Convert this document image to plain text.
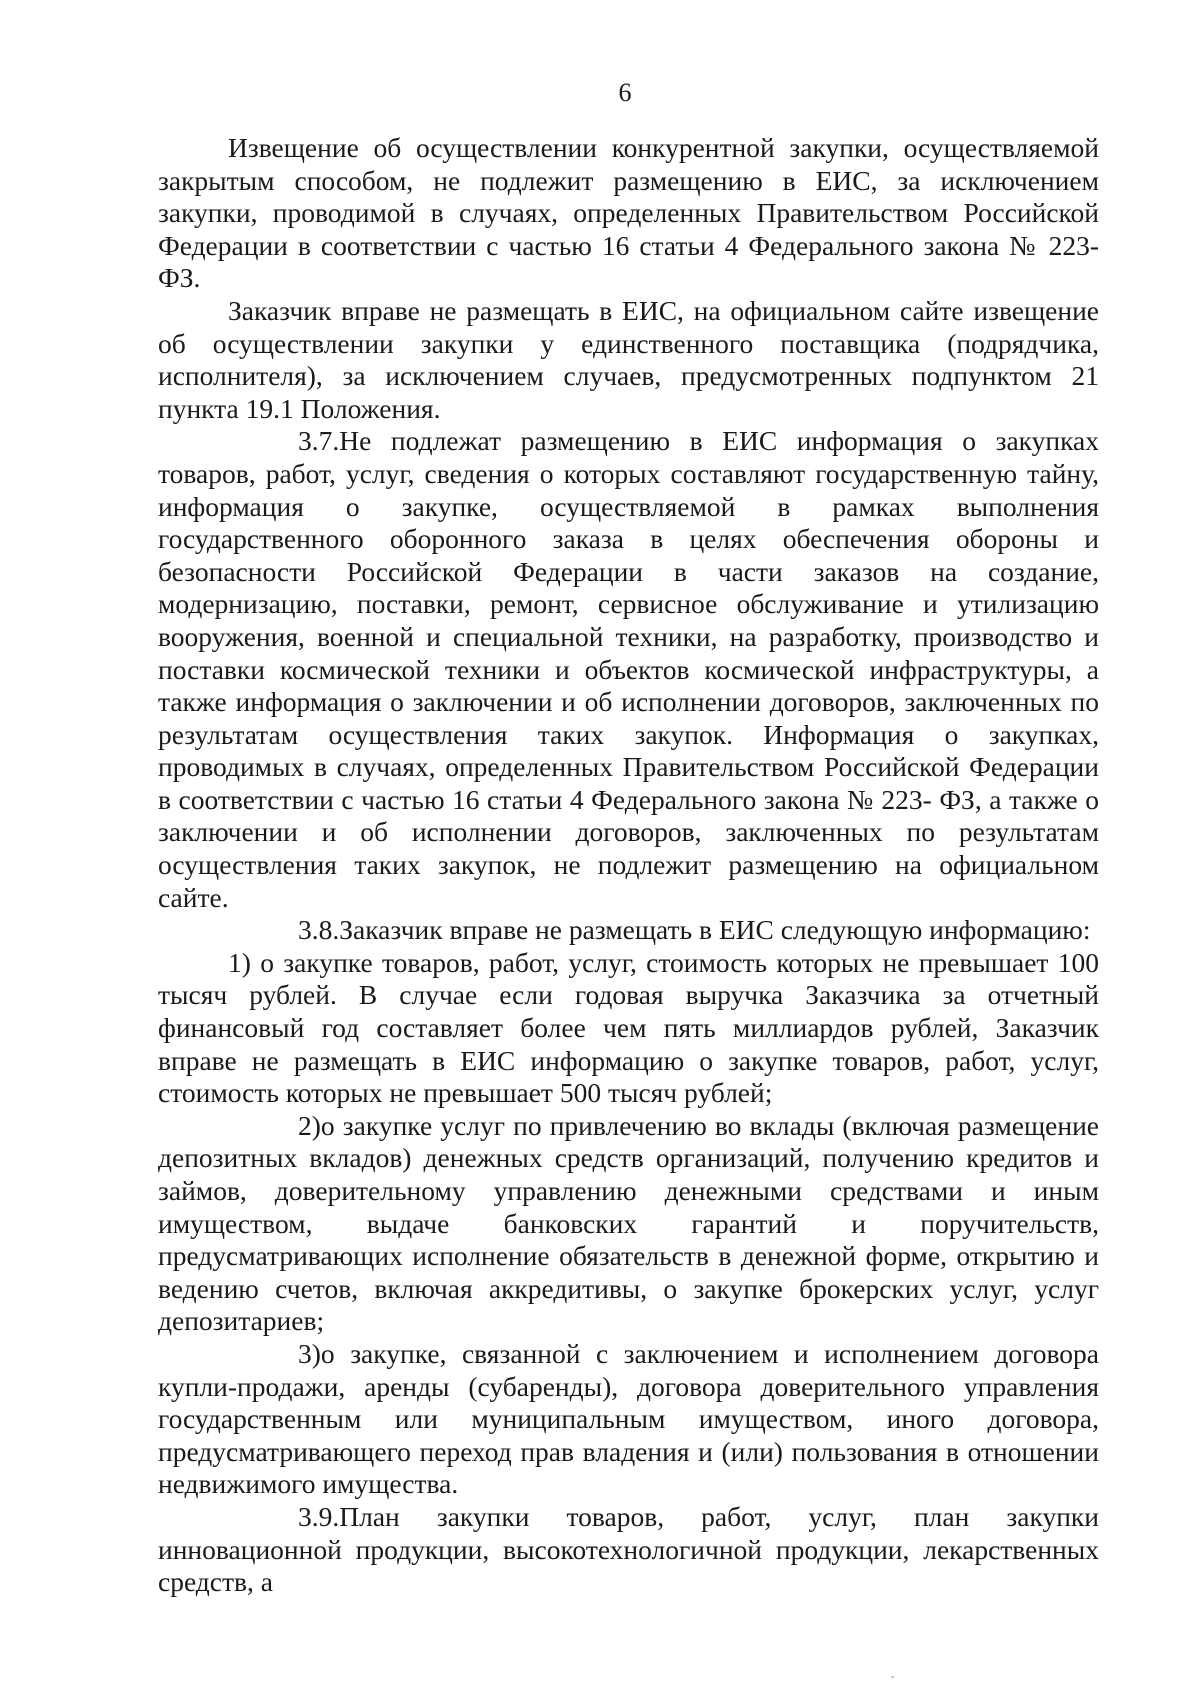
6

Извещение об осуществлении конкурентной закупки, осуществляемой закрытым способом, не подлежит размещению в ЕИС, за исключением закупки, проводимой в случаях, определенных Правительством Российской Федерации в соответствии с частью 16 статьи 4 Федерального закона № 223- ФЗ.

Заказчик вправе не размещать в ЕИС, на официальном сайте извещение об осуществлении закупки у единственного поставщика (подрядчика, исполнителя), за исключением случаев, предусмотренных подпунктом 21 пункта 19.1 Положения.

3.7.Не подлежат размещению в ЕИС информация о закупках товаров, работ, услуг, сведения о которых составляют государственную тайну, информация о закупке, осуществляемой в рамках выполнения государственного оборонного заказа в целях обеспечения обороны и безопасности Российской Федерации в части заказов на создание, модернизацию, поставки, ремонт, сервисное обслуживание и утилизацию вооружения, военной и специальной техники, на разработку, производство и поставки космической техники и объектов космической инфраструктуры, а также информация о заключении и об исполнении договоров, заключенных по результатам осуществления таких закупок. Информация о закупках, проводимых в случаях, определенных Правительством Российской Федерации в соответствии с частью 16 статьи 4 Федерального закона № 223- ФЗ, а также о заключении и об исполнении договоров, заключенных по результатам осуществления таких закупок, не подлежит размещению на официальном сайте.

3.8.Заказчик вправе не размещать в ЕИС следующую информацию:

1) о закупке товаров, работ, услуг, стоимость которых не превышает 100 тысяч рублей. В случае если годовая выручка Заказчика за отчетный финансовый год составляет более чем пять миллиардов рублей, Заказчик вправе не размещать в ЕИС информацию о закупке товаров, работ, услуг, стоимость которых не превышает 500 тысяч рублей;

2)о закупке услуг по привлечению во вклады (включая размещение депозитных вкладов) денежных средств организаций, получению кредитов и займов, доверительному управлению денежными средствами и иным имуществом, выдаче банковских гарантий и поручительств, предусматривающих исполнение обязательств в денежной форме, открытию и ведению счетов, включая аккредитивы, о закупке брокерских услуг, услуг депозитариев;

3)о закупке, связанной с заключением и исполнением договора купли-продажи, аренды (субаренды), договора доверительного управления государственным или муниципальным имуществом, иного договора, предусматривающего переход прав владения и (или) пользования в отношении недвижимого имущества.

3.9.План закупки товаров, работ, услуг, план закупки инновационной продукции, высокотехнологичной продукции, лекарственных средств, а
